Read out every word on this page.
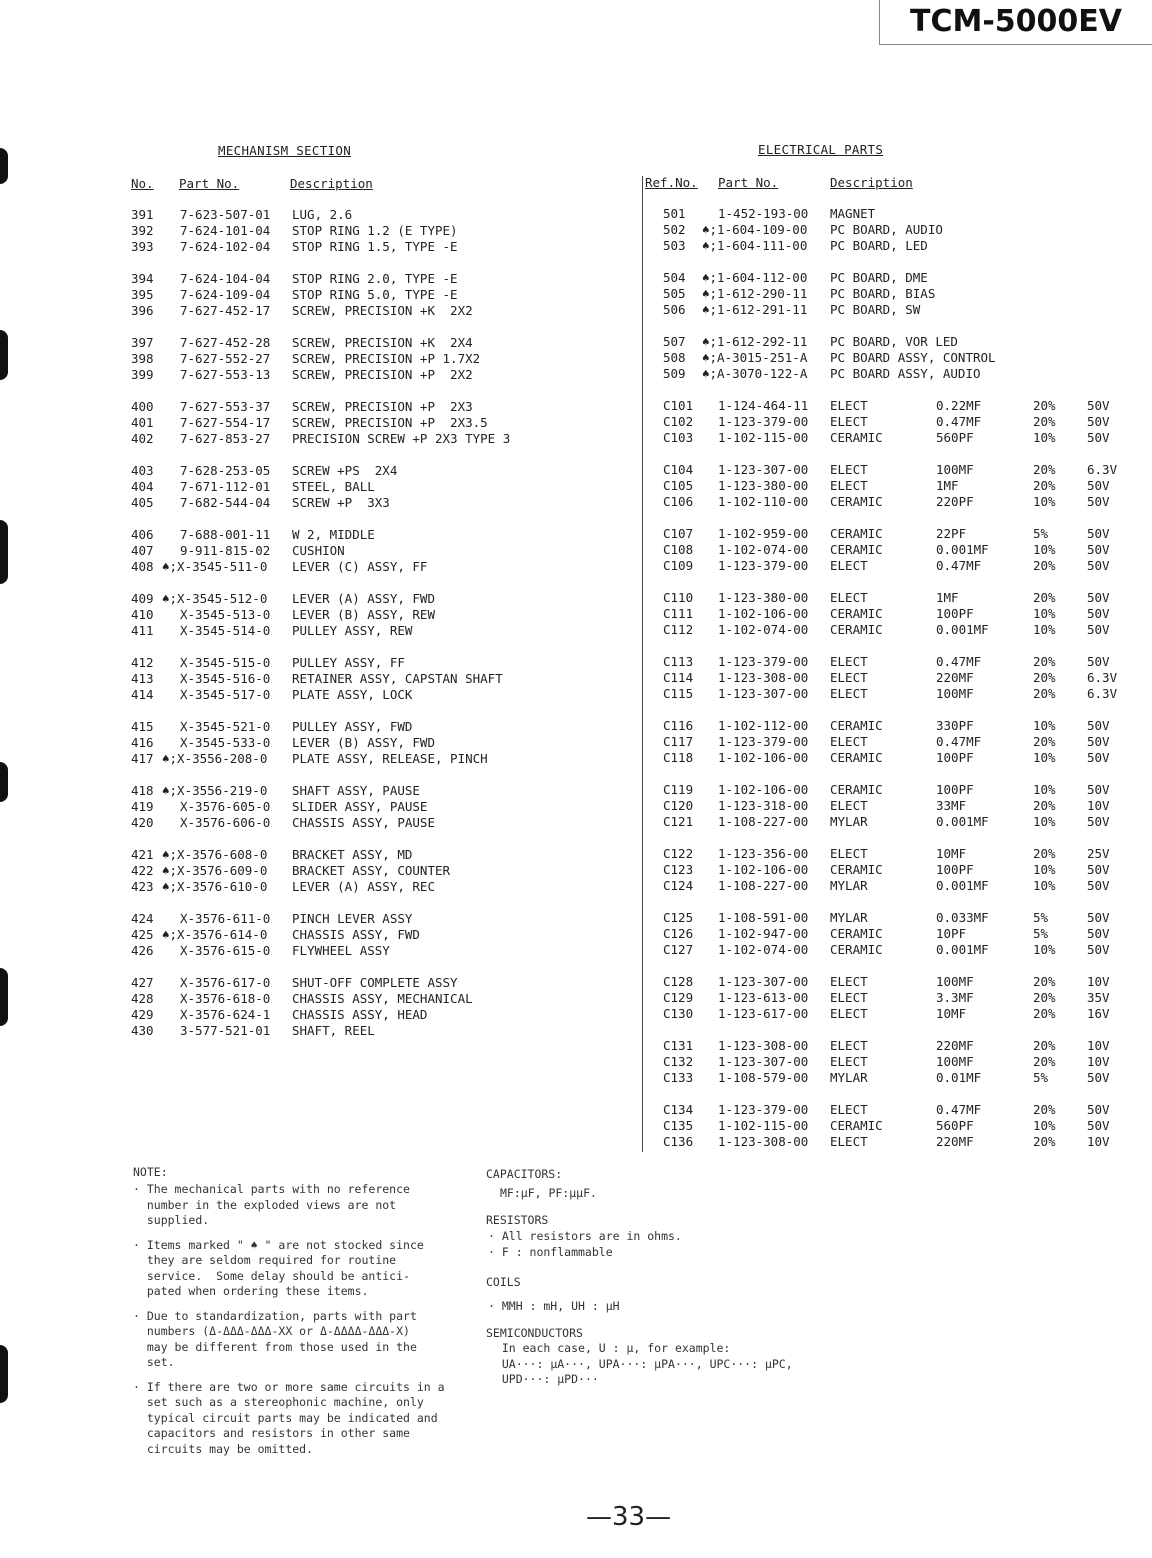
TCM-5000EV
MECHANISM SECTION	ELECTRICAL PARTS
No. Part No.	Description	Ref.No. Part No.	Description
391 7-623-507-01 LUG, 2.6
392 7-624-101-04 STOP RING 1.2 (E TYPE)
393 7-624-102-04 STOP RING 1.5, TYPE -E
394 7-624-104-04 STOP RING 2.0, TYPE -E
395 7-624-109-04 STOP RING 5.0, TYPE -E
396 7-627-452-17 SCREW, PRECISION +K  2X2
397 7-627-452-28 SCREW, PRECISION +K  2X4
398 7-627-552-27 SCREW, PRECISION +P 1.7X2
399 7-627-553-13 SCREW, PRECISION +P  2X2
400 7-627-553-37 SCREW, PRECISION +P  2X3
401 7-627-554-17 SCREW, PRECISION +P  2X3.5
402 7-627-853-27 PRECISION SCREW +P 2X3 TYPE 3
403 7-628-253-05 SCREW +PS  2X4
404 7-671-112-01 STEEL, BALL
405 7-682-544-04 SCREW +P  3X3
406 7-688-001-11 W 2, MIDDLE
407 9-911-815-02 CUSHION
408 ♠;X-3545-511-0 LEVER (C) ASSY, FF
409 ♠;X-3545-512-0 LEVER (A) ASSY, FWD
410 X-3545-513-0 LEVER (B) ASSY, REW
411 X-3545-514-0 PULLEY ASSY, REW
412 X-3545-515-0 PULLEY ASSY, FF
413 X-3545-516-0 RETAINER ASSY, CAPSTAN SHAFT
414 X-3545-517-0 PLATE ASSY, LOCK
415 X-3545-521-0 PULLEY ASSY, FWD
416 X-3545-533-0 LEVER (B) ASSY, FWD
417 ♠;X-3556-208-0 PLATE ASSY, RELEASE, PINCH
418 ♠;X-3556-219-0 SHAFT ASSY, PAUSE
419 X-3576-605-0 SLIDER ASSY, PAUSE
420 X-3576-606-0 CHASSIS ASSY, PAUSE
421 ♠;X-3576-608-0 BRACKET ASSY, MD
422 ♠;X-3576-609-0 BRACKET ASSY, COUNTER
423 ♠;X-3576-610-0 LEVER (A) ASSY, REC
424 X-3576-611-0 PINCH LEVER ASSY
425 ♠;X-3576-614-0 CHASSIS ASSY, FWD
426 X-3576-615-0 FLYWHEEL ASSY
427 X-3576-617-0 SHUT-OFF COMPLETE ASSY
428 X-3576-618-0 CHASSIS ASSY, MECHANICAL
429 X-3576-624-1 CHASSIS ASSY, HEAD
430 3-577-521-01 SHAFT, REEL
501	1-452-193-00 MAGNET
502 ♠;1-604-109-00 PC BOARD, AUDIO
503 ♠;1-604-111-00 PC BOARD, LED
504 ♠;1-604-112-00 PC BOARD, DME
505 ♠;1-612-290-11 PC BOARD, BIAS
506 ♠;1-612-291-11 PC BOARD, SW
507 ♠;1-612-292-11 PC BOARD, VOR LED
508 ♠;A-3015-251-A PC BOARD ASSY, CONTROL
509 ♠;A-3070-122-A PC BOARD ASSY, AUDIO
C101 1-124-464-11 ELECT	0.22MF	20%	50V
C102 1-123-379-00 ELECT	0.47MF	20%	50V
C103 1-102-115-00 CERAMIC	560PF	10%	50V
C104 1-123-307-00 ELECT	100MF	20%	6.3V
C105 1-123-380-00 ELECT	1MF	20%	50V
C106 1-102-110-00 CERAMIC	220PF	10%	50V
C107 1-102-959-00 CERAMIC	22PF	5%	50V
C108 1-102-074-00 CERAMIC	0.001MF	10%	50V
C109 1-123-379-00 ELECT	0.47MF	20%	50V
C110 1-123-380-00 ELECT	1MF	20%	50V
C111 1-102-106-00 CERAMIC	100PF	10%	50V
C112 1-102-074-00 CERAMIC	0.001MF	10%	50V
C113 1-123-379-00 ELECT	0.47MF	20%	50V
C114 1-123-308-00 ELECT	220MF	20%	6.3V
C115 1-123-307-00 ELECT	100MF	20%	6.3V
C116 1-102-112-00 CERAMIC	330PF	10%	50V
C117 1-123-379-00 ELECT	0.47MF	20%	50V
C118 1-102-106-00 CERAMIC	100PF	10%	50V
C119 1-102-106-00 CERAMIC	100PF	10%	50V
C120 1-123-318-00 ELECT	33MF	20%	10V
C121 1-108-227-00 MYLAR	0.001MF	10%	50V
C122 1-123-356-00 ELECT	10MF	20%	25V
C123 1-102-106-00 CERAMIC	100PF	10%	50V
C124 1-108-227-00 MYLAR	0.001MF	10%	50V
C125 1-108-591-00 MYLAR	0.033MF	5%	50V
C126 1-102-947-00 CERAMIC	10PF	5%	50V
C127 1-102-074-00 CERAMIC	0.001MF	10%	50V
C128 1-123-307-00 ELECT	100MF	20%	10V
C129 1-123-613-00 ELECT	3.3MF	20%	35V
C130 1-123-617-00 ELECT	10MF	20%	16V
C131 1-123-308-00 ELECT	220MF	20%	10V
C132 1-123-307-00 ELECT	100MF	20%	10V
C133 1-108-579-00 MYLAR	0.01MF	5%	50V
C134 1-123-379-00 ELECT	0.47MF	20%	50V
C135 1-102-115-00 CERAMIC	560PF	10%	50V
C136 1-123-308-00 ELECT	220MF	20%	10V
NOTE:
· The mechanical parts with no reference
number in the exploded views are not
supplied.
· Items marked " ♠ " are not stocked since
they are seldom required for routine
service.  Some delay should be antici-
pated when ordering these items.
· Due to standardization, parts with part
numbers (Δ-ΔΔΔ-ΔΔΔ-XX or Δ-ΔΔΔΔ-ΔΔΔ-X)
may be different from those used in the
set.
· If there are two or more same circuits in a
set such as a stereophonic machine, only
typical circuit parts may be indicated and
capacitors and resistors in other same
circuits may be omitted.
CAPACITORS:
MF:μF, PF:μμF.
RESISTORS
· All resistors are in ohms.
· F : nonflammable
COILS
· MMH : mH, UH : μH
SEMICONDUCTORS
In each case, U : μ, for example:
UA···: μA···, UPA···: μPA···, UPC···: μPC,
UPD···: μPD···
—33—
